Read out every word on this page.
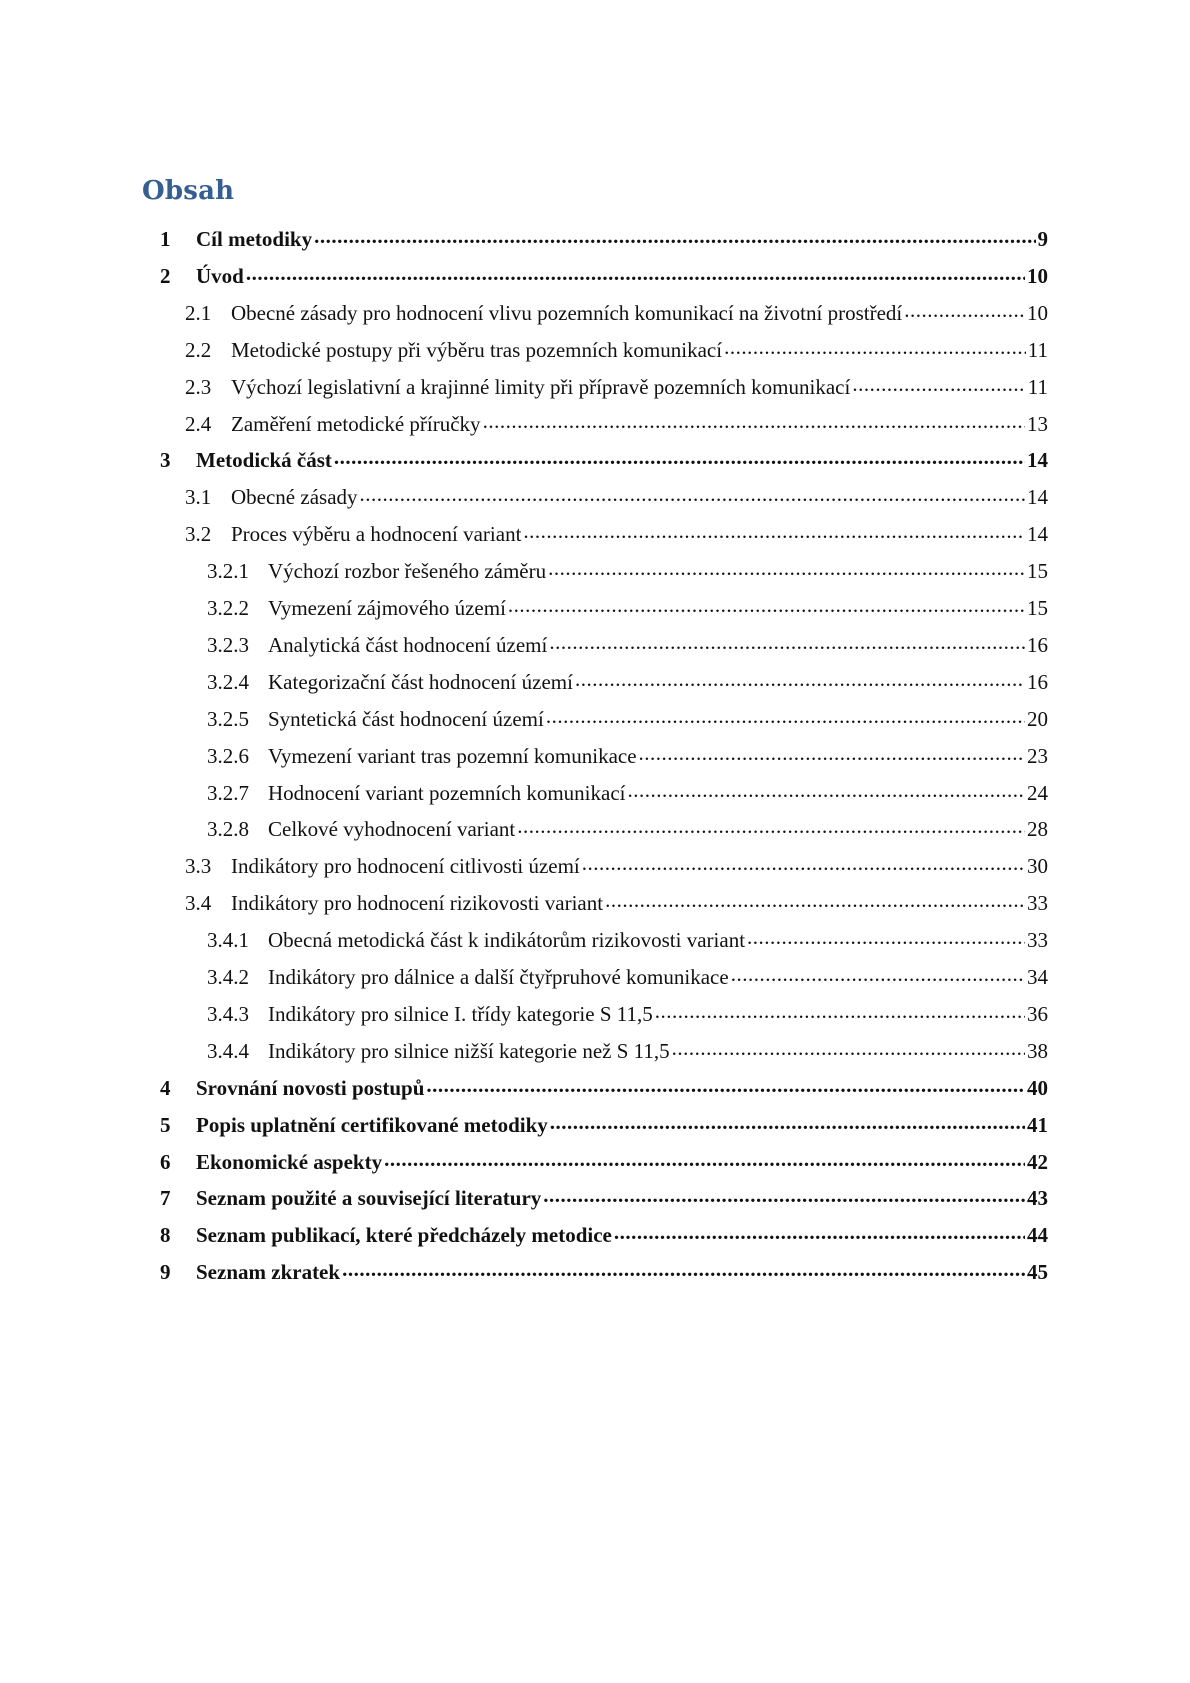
Obsah
1	Cíl metodiky .....	9
2	Úvod .....	10
2.1 Obecné zásady pro hodnocení vlivu pozemních komunikací na životní prostředí .....	10
2.2 Metodické postupy při výběru tras pozemních komunikací .....	11
2.3 Výchozí legislativní a krajinné limity při přípravě pozemních komunikací .....	11
2.4 Zaměření metodické příručky .....	13
3	Metodická část .....	14
3.1 Obecné zásady .....	14
3.2 Proces výběru a hodnocení variant .....	14
3.2.1 Výchozí rozbor řešeného záměru .....	15
3.2.2 Vymezení zájmového území .....	15
3.2.3 Analytická část hodnocení území .....	16
3.2.4 Kategorizační část hodnocení území .....	16
3.2.5 Syntetická část hodnocení území .....	20
3.2.6 Vymezení variant tras pozemní komunikace .....	23
3.2.7 Hodnocení variant pozemních komunikací .....	24
3.2.8 Celkové vyhodnocení variant .....	28
3.3 Indikátory pro hodnocení citlivosti území .....	30
3.4 Indikátory pro hodnocení rizikovosti variant .....	33
3.4.1 Obecná metodická část k indikátorům rizikovosti variant .....	33
3.4.2 Indikátory pro dálnice a další čtyřpruhové komunikace .....	34
3.4.3 Indikátory pro silnice I. třídy kategorie S 11,5 .....	36
3.4.4 Indikátory pro silnice nižší kategorie než S 11,5 .....	38
4	Srovnání novosti postupů .....	40
5	Popis uplatnění certifikované metodiky .....	41
6	Ekonomické aspekty .....	42
7	Seznam použité a související literatury .....	43
8	Seznam publikací, které předcházely metodice .....	44
9	Seznam zkratek .....	45
